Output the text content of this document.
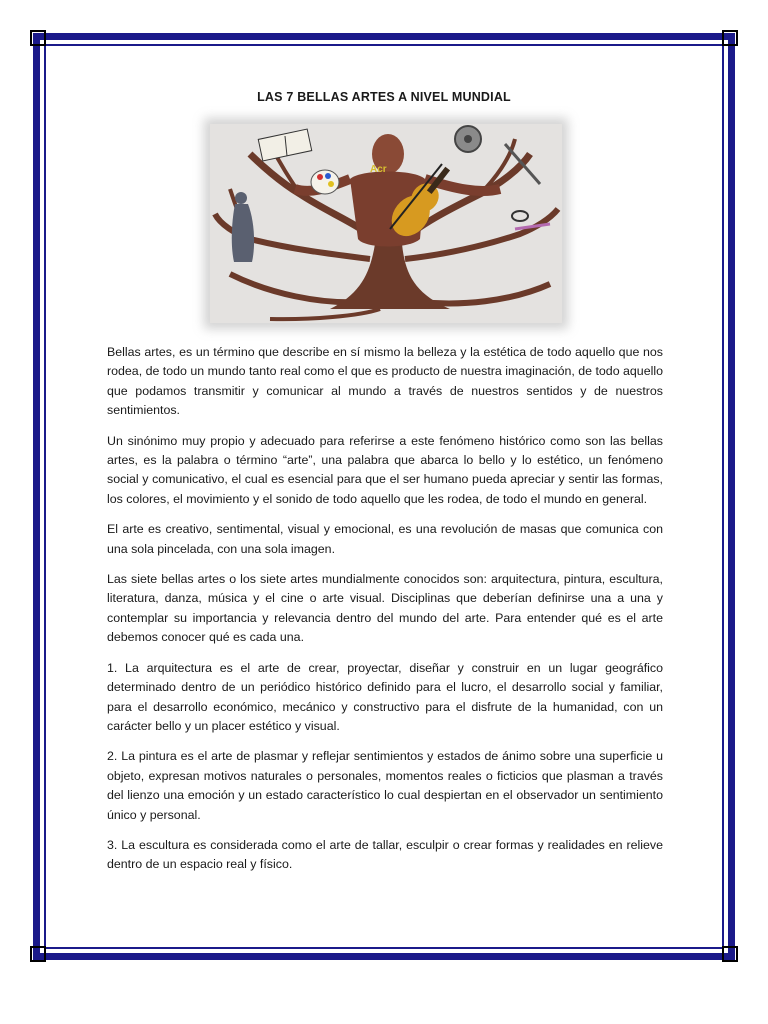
LAS 7 BELLAS ARTES A NIVEL MUNDIAL
Acr

Bellas artes, es un término que describe en sí mismo la belleza y la estética de todo aquello que nos rodea, de todo un mundo tanto real como el que es producto de nuestra imaginación, de todo aquello que podamos transmitir y comunicar al mundo a través de nuestros sentidos y de nuestros sentimientos.

Un sinónimo muy propio y adecuado para referirse a este fenómeno histórico como son las bellas artes, es la palabra o término “arte”, una palabra que abarca lo bello y lo estético, un fenómeno social y comunicativo, el cual es esencial para que el ser humano pueda apreciar y sentir las formas, los colores, el movimiento y el sonido de todo aquello que les rodea, de todo el mundo en general.

El arte es creativo, sentimental, visual y emocional, es una revolución de masas que comunica con una sola pincelada, con una sola imagen.

Las siete bellas artes o los siete artes mundialmente conocidos son: arquitectura, pintura, escultura, literatura, danza, música y el cine o arte visual. Disciplinas que deberían definirse una a una y contemplar su importancia y relevancia dentro del mundo del arte. Para entender qué es el arte debemos conocer qué es cada una.

1. La arquitectura es el arte de crear, proyectar, diseñar y construir en un lugar geográfico determinado dentro de un periódico histórico definido para el lucro, el desarrollo social y familiar, para el desarrollo económico, mecánico y constructivo para el disfrute de la humanidad, con un carácter bello y un placer estético y visual.

2. La pintura es el arte de plasmar y reflejar sentimientos y estados de ánimo sobre una superficie u objeto, expresan motivos naturales o personales, momentos reales o ficticios que plasman a través del lienzo una emoción y un estado característico lo cual despiertan en el observador un sentimiento único y personal.

3. La escultura es considerada como el arte de tallar, esculpir o crear formas y realidades en relieve dentro de un espacio real y físico.
